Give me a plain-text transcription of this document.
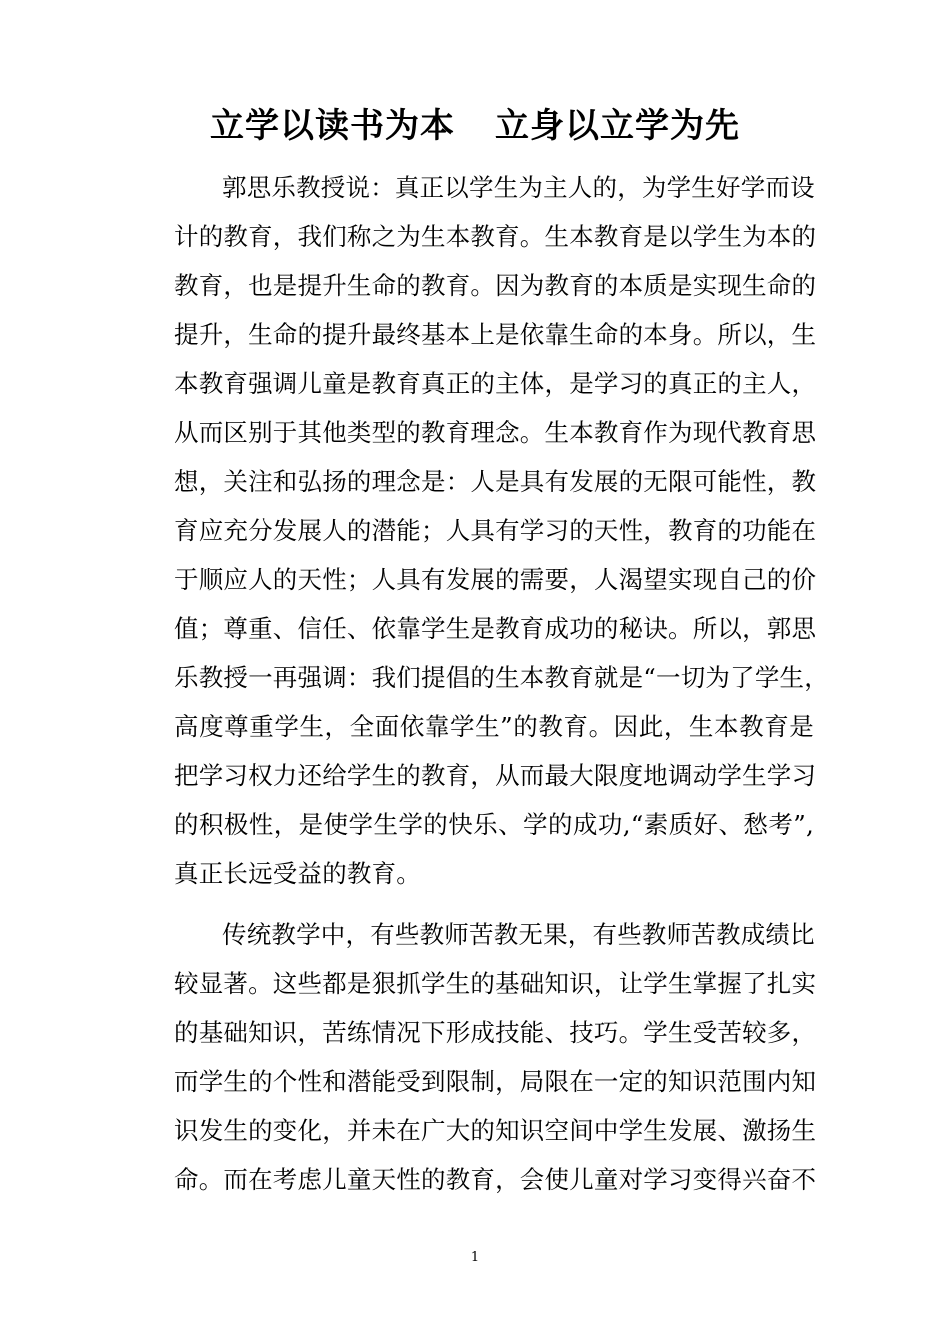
立学以读书为本 立身以立学为先
郭思乐教授说：真正以学生为主人的，为学生好学而设
计的教育，我们称之为生本教育。生本教育是以学生为本的
教育，也是提升生命的教育。因为教育的本质是实现生命的
提升，生命的提升最终基本上是依靠生命的本身。所以，生
本教育强调儿童是教育真正的主体，是学习的真正的主人，
从而区别于其他类型的教育理念。生本教育作为现代教育思
想，关注和弘扬的理念是：人是具有发展的无限可能性，教
育应充分发展人的潜能；人具有学习的天性，教育的功能在
于顺应人的天性；人具有发展的需要，人渴望实现自己的价
值；尊重、信任、依靠学生是教育成功的秘诀。所以，郭思
乐教授一再强调：我们提倡的生本教育就是“一切为了学生，
高度尊重学生，全面依靠学生”的教育。因此，生本教育是
把学习权力还给学生的教育，从而最大限度地调动学生学习
的积极性，是使学生学的快乐、学的成功,“素质好、愁考”,
真正长远受益的教育。
传统教学中，有些教师苦教无果，有些教师苦教成绩比
较显著。这些都是狠抓学生的基础知识，让学生掌握了扎实
的基础知识，苦练情况下形成技能、技巧。学生受苦较多，
而学生的个性和潜能受到限制，局限在一定的知识范围内知
识发生的变化，并未在广大的知识空间中学生发展、激扬生
命。而在考虑儿童天性的教育，会使儿童对学习变得兴奋不
1
